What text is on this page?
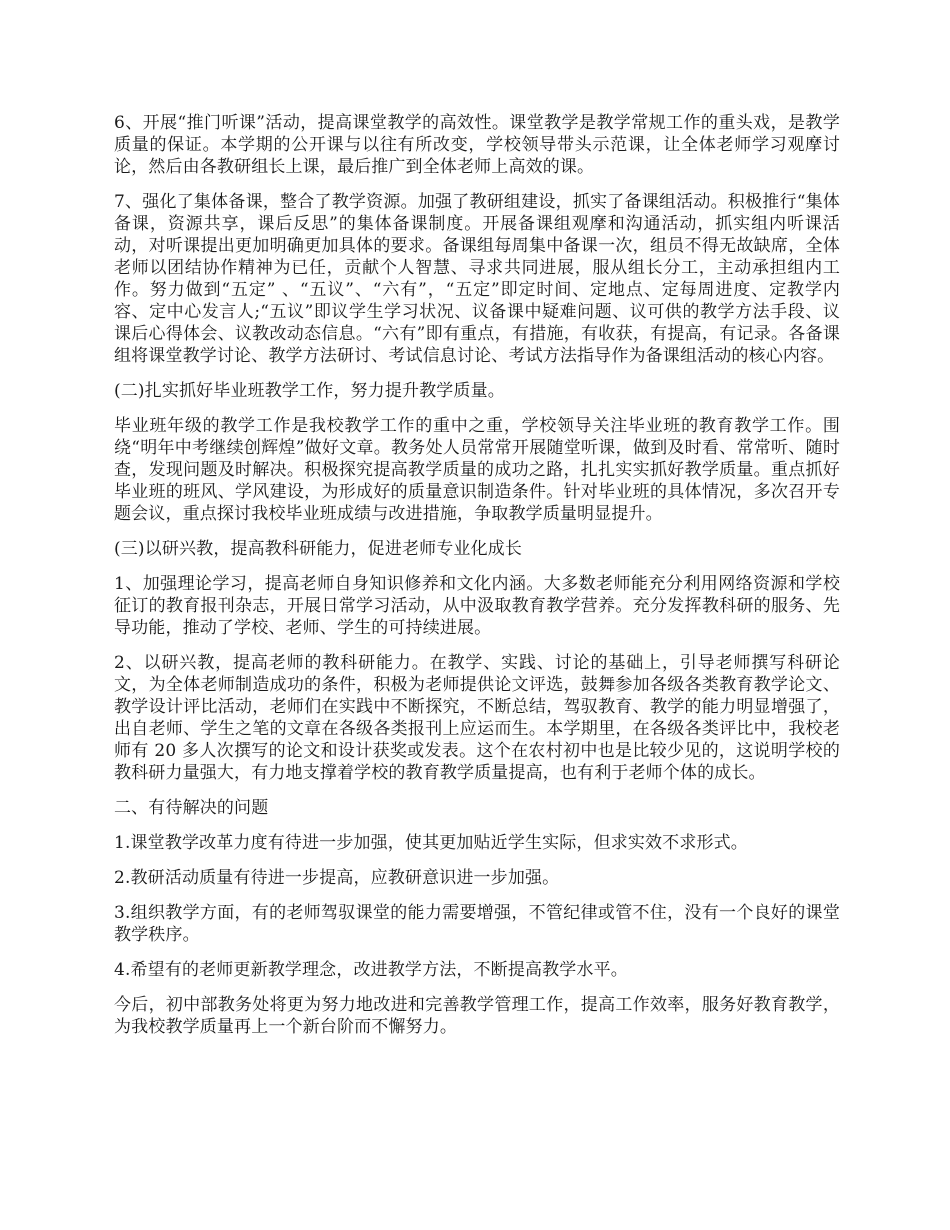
6、开展“推门听课”活动，提高课堂教学的高效性。课堂教学是教学常规工作的重头戏，是教学质量的保证。本学期的公开课与以往有所改变，学校领导带头示范课，让全体老师学习观摩讨论，然后由各教研组长上课，最后推广到全体老师上高效的课。

7、强化了集体备课，整合了教学资源。加强了教研组建设，抓实了备课组活动。积极推行“集体备课，资源共享，课后反思”的集体备课制度。开展备课组观摩和沟通活动，抓实组内听课活动，对听课提出更加明确更加具体的要求。备课组每周集中备课一次，组员不得无故缺席，全体老师以团结协作精神为已任，贡献个人智慧、寻求共同进展，服从组长分工，主动承担组内工作。努力做到“五定” 、“五议”、“六有”，“五定”即定时间、定地点、定每周进度、定教学内容、定中心发言人;“五议”即议学生学习状况、议备课中疑难问题、议可供的教学方法手段、议课后心得体会、议教改动态信息。“六有”即有重点，有措施，有收获，有提高，有记录。各备课组将课堂教学讨论、教学方法研讨、考试信息讨论、考试方法指导作为备课组活动的核心内容。

(二)扎实抓好毕业班教学工作，努力提升教学质量。

毕业班年级的教学工作是我校教学工作的重中之重，学校领导关注毕业班的教育教学工作。围绕“明年中考继续创辉煌”做好文章。教务处人员常常开展随堂听课，做到及时看、常常听、随时查，发现问题及时解决。积极探究提高教学质量的成功之路，扎扎实实抓好教学质量。重点抓好毕业班的班风、学风建设，为形成好的质量意识制造条件。针对毕业班的具体情况，多次召开专题会议，重点探讨我校毕业班成绩与改进措施，争取教学质量明显提升。

(三)以研兴教，提高教科研能力，促进老师专业化成长

1、加强理论学习，提高老师自身知识修养和文化内涵。大多数老师能充分利用网络资源和学校征订的教育报刊杂志，开展日常学习活动，从中汲取教育教学营养。充分发挥教科研的服务、先导功能，推动了学校、老师、学生的可持续进展。

2、以研兴教，提高老师的教科研能力。在教学、实践、讨论的基础上，引导老师撰写科研论文，为全体老师制造成功的条件，积极为老师提供论文评选，鼓舞参加各级各类教育教学论文、教学设计评比活动，老师们在实践中不断探究，不断总结，驾驭教育、教学的能力明显增强了，出自老师、学生之笔的文章在各级各类报刊上应运而生。本学期里，在各级各类评比中，我校老师有 20 多人次撰写的论文和设计获奖或发表。这个在农村初中也是比较少见的，这说明学校的教科研力量强大，有力地支撑着学校的教育教学质量提高，也有利于老师个体的成长。

二、有待解决的问题

1.课堂教学改革力度有待进一步加强，使其更加贴近学生实际，但求实效不求形式。

2.教研活动质量有待进一步提高，应教研意识进一步加强。

3.组织教学方面，有的老师驾驭课堂的能力需要增强，不管纪律或管不住，没有一个良好的课堂教学秩序。

4.希望有的老师更新教学理念，改进教学方法，不断提高教学水平。

今后，初中部教务处将更为努力地改进和完善教学管理工作，提高工作效率，服务好教育教学，为我校教学质量再上一个新台阶而不懈努力。
